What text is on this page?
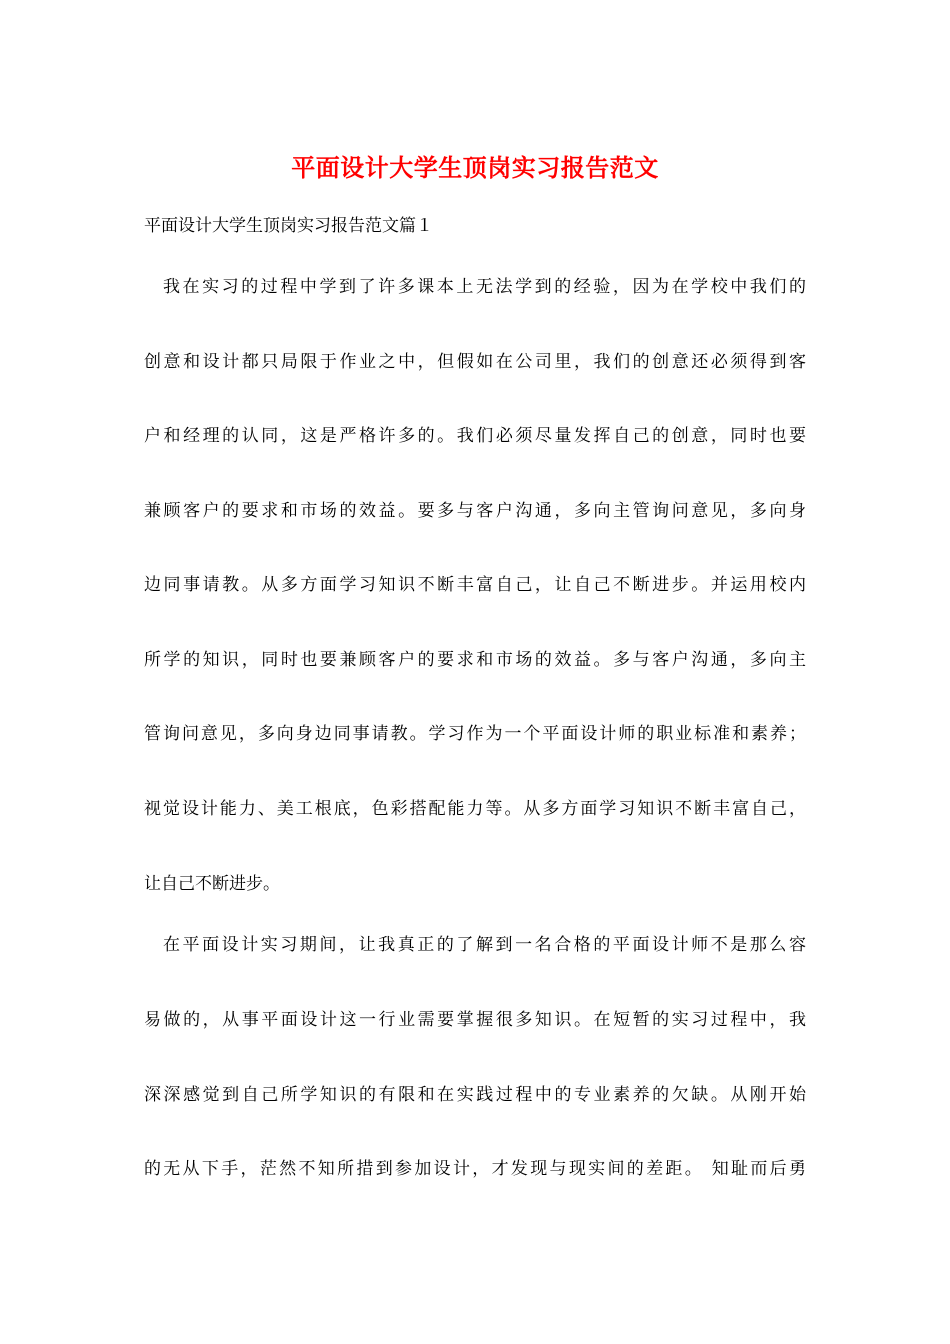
平面设计大学生顶岗实习报告范文
平面设计大学生顶岗实习报告范文篇１
我在实习的过程中学到了许多课本上无法学到的经验，因为在学校中我们的
创意和设计都只局限于作业之中，但假如在公司里，我们的创意还必须得到客
户和经理的认同，这是严格许多的。我们必须尽量发挥自己的创意，同时也要
兼顾客户的要求和市场的效益。要多与客户沟通，多向主管询问意见，多向身
边同事请教。从多方面学习知识不断丰富自己，让自己不断进步。并运用校内
所学的知识，同时也要兼顾客户的要求和市场的效益。多与客户沟通，多向主
管询问意见，多向身边同事请教。学习作为一个平面设计师的职业标准和素养；
视觉设计能力、美工根底，色彩搭配能力等。从多方面学习知识不断丰富自己，
让自己不断进步。
在平面设计实习期间，让我真正的了解到一名合格的平面设计师不是那么容
易做的，从事平面设计这一行业需要掌握很多知识。在短暂的实习过程中，我
深深感觉到自己所学知识的有限和在实践过程中的专业素养的欠缺。从刚开始
的无从下手，茫然不知所措到参加设计，才发现与现实间的差距。 知耻而后勇
